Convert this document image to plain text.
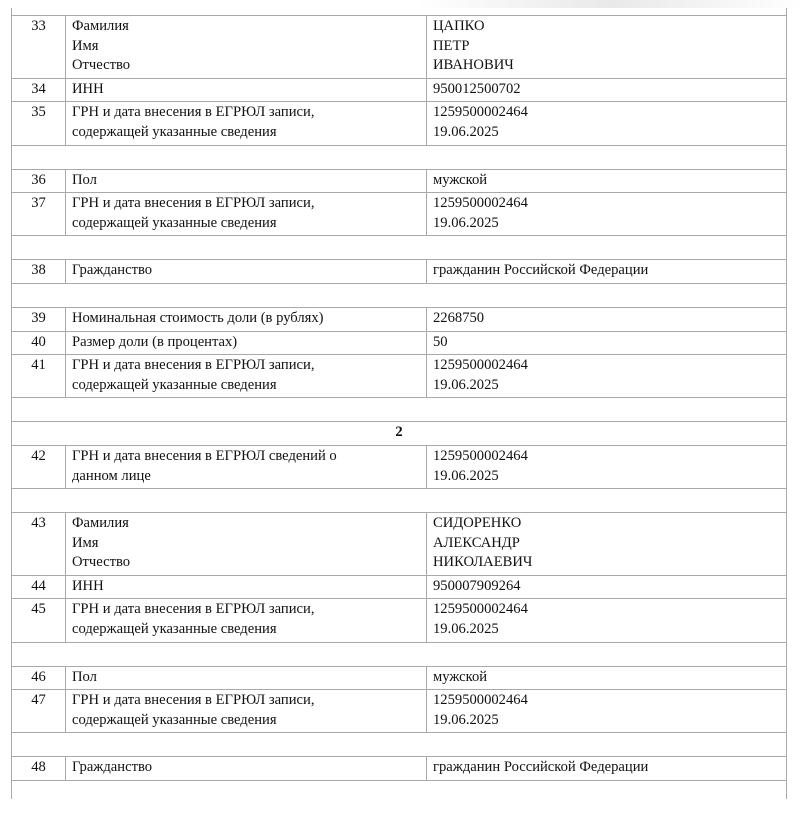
33	Фамилия
Имя
Отчество	ЦАПКО
ПЕТР
ИВАНОВИЧ

34	ИНН	950012500702

35	ГРН и дата внесения в ЕГРЮЛ записи,
содержащей указанные сведения	1259500002464
19.06.2025

36	Пол	мужской

37	ГРН и дата внесения в ЕГРЮЛ записи,
содержащей указанные сведения	1259500002464
19.06.2025

38	Гражданство	гражданин Российской Федерации

39	Номинальная стоимость доли (в рублях)	2268750

40	Размер доли (в процентах)	50

41	ГРН и дата внесения в ЕГРЮЛ записи,
содержащей указанные сведения	1259500002464
19.06.2025

2		
42	ГРН и дата внесения в ЕГРЮЛ сведений о
данном лице	1259500002464
19.06.2025

43	Фамилия
Имя
Отчество	СИДОРЕНКО
АЛЕКСАНДР
НИКОЛАЕВИЧ

44	ИНН	950007909264

45	ГРН и дата внесения в ЕГРЮЛ записи,
содержащей указанные сведения	1259500002464
19.06.2025

46	Пол	мужской

47	ГРН и дата внесения в ЕГРЮЛ записи,
содержащей указанные сведения	1259500002464
19.06.2025

48	Гражданство	гражданин Российской Федерации
